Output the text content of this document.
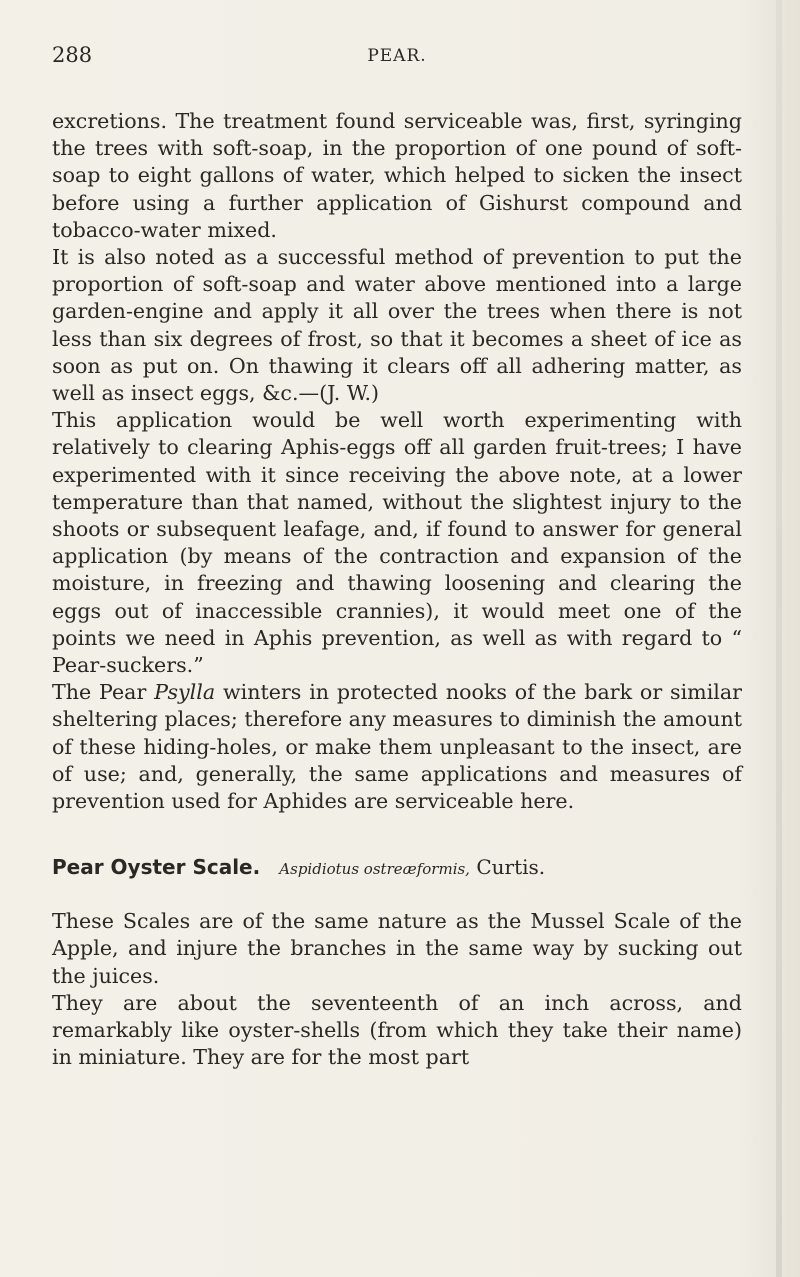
288	PEAR.

excretions. The treatment found serviceable was, first, syringing the trees with soft-soap, in the proportion of one pound of soft-soap to eight gallons of water, which helped to sicken the insect before using a further application of Gishurst compound and tobacco-water mixed.

It is also noted as a successful method of prevention to put the proportion of soft-soap and water above mentioned into a large garden-engine and apply it all over the trees when there is not less than six degrees of frost, so that it becomes a sheet of ice as soon as put on. On thawing it clears off all adhering matter, as well as insect eggs, &c.—(J. W.)

This application would be well worth experimenting with relatively to clearing Aphis-eggs off all garden fruit-trees; I have experimented with it since receiving the above note, at a lower temperature than that named, without the slightest injury to the shoots or subsequent leafage, and, if found to answer for general application (by means of the contraction and expansion of the moisture, in freezing and thawing loosening and clearing the eggs out of inaccessible crannies), it would meet one of the points we need in Aphis prevention, as well as with regard to “ Pear-suckers.”

The Pear Psylla winters in protected nooks of the bark or similar sheltering places; therefore any measures to diminish the amount of these hiding-holes, or make them unpleasant to the insect, are of use; and, generally, the same applications and measures of prevention used for Aphides are serviceable here.

Pear Oyster Scale. Aspidiotus ostreæformis, Curtis.

These Scales are of the same nature as the Mussel Scale of the Apple, and injure the branches in the same way by sucking out the juices.

They are about the seventeenth of an inch across, and remarkably like oyster-shells (from which they take their name) in miniature. They are for the most part
